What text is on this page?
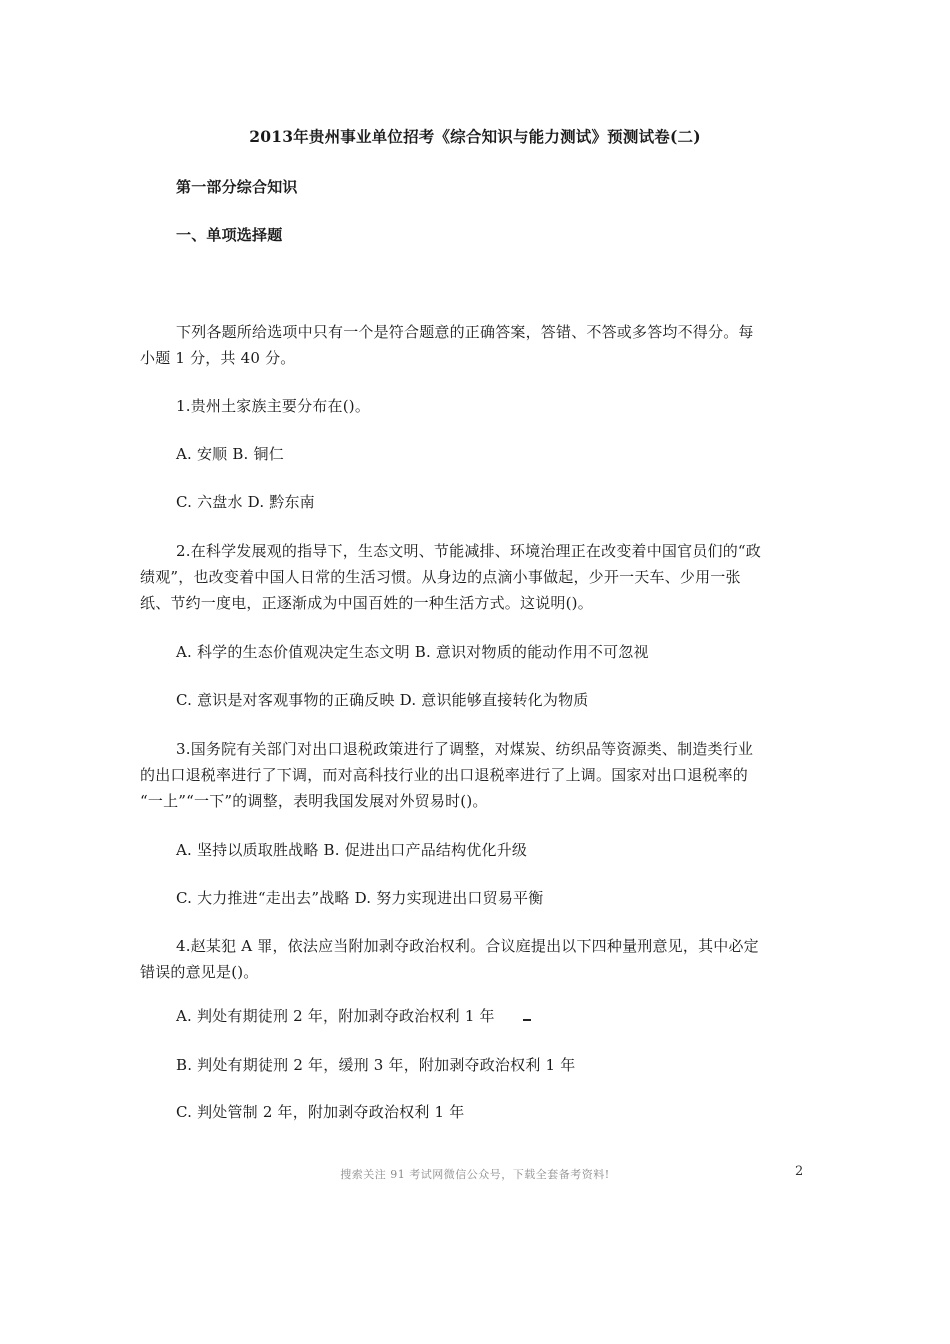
2013年贵州事业单位招考《综合知识与能力测试》预测试卷(二)
第一部分综合知识
一、单项选择题
下列各题所给选项中只有一个是符合题意的正确答案，答错、不答或多答均不得分。每
小题 1 分，共 40 分。
1.贵州土家族主要分布在()。
A. 安顺 B. 铜仁
C. 六盘水 D. 黔东南
2.在科学发展观的指导下，生态文明、节能减排、环境治理正在改变着中国官员们的“政
绩观”，也改变着中国人日常的生活习惯。从身边的点滴小事做起，少开一天车、少用一张
纸、节约一度电，正逐渐成为中国百姓的一种生活方式。这说明()。
A. 科学的生态价值观决定生态文明 B. 意识对物质的能动作用不可忽视
C. 意识是对客观事物的正确反映 D. 意识能够直接转化为物质
3.国务院有关部门对出口退税政策进行了调整，对煤炭、纺织品等资源类、制造类行业
的出口退税率进行了下调，而对高科技行业的出口退税率进行了上调。国家对出口退税率的
“一上”“一下”的调整，表明我国发展对外贸易时()。
A. 坚持以质取胜战略 B. 促进出口产品结构优化升级
C. 大力推进“走出去”战略 D. 努力实现进出口贸易平衡
4.赵某犯 A 罪，依法应当附加剥夺政治权利。合议庭提出以下四种量刑意见，其中必定
错误的意见是()。
A. 判处有期徒刑 2 年，附加剥夺政治权利 1 年
B. 判处有期徒刑 2 年，缓刑 3 年，附加剥夺政治权利 1 年
C. 判处管制 2 年，附加剥夺政治权利 1 年
搜索关注 91 考试网微信公众号，下载全套备考资料!	2
